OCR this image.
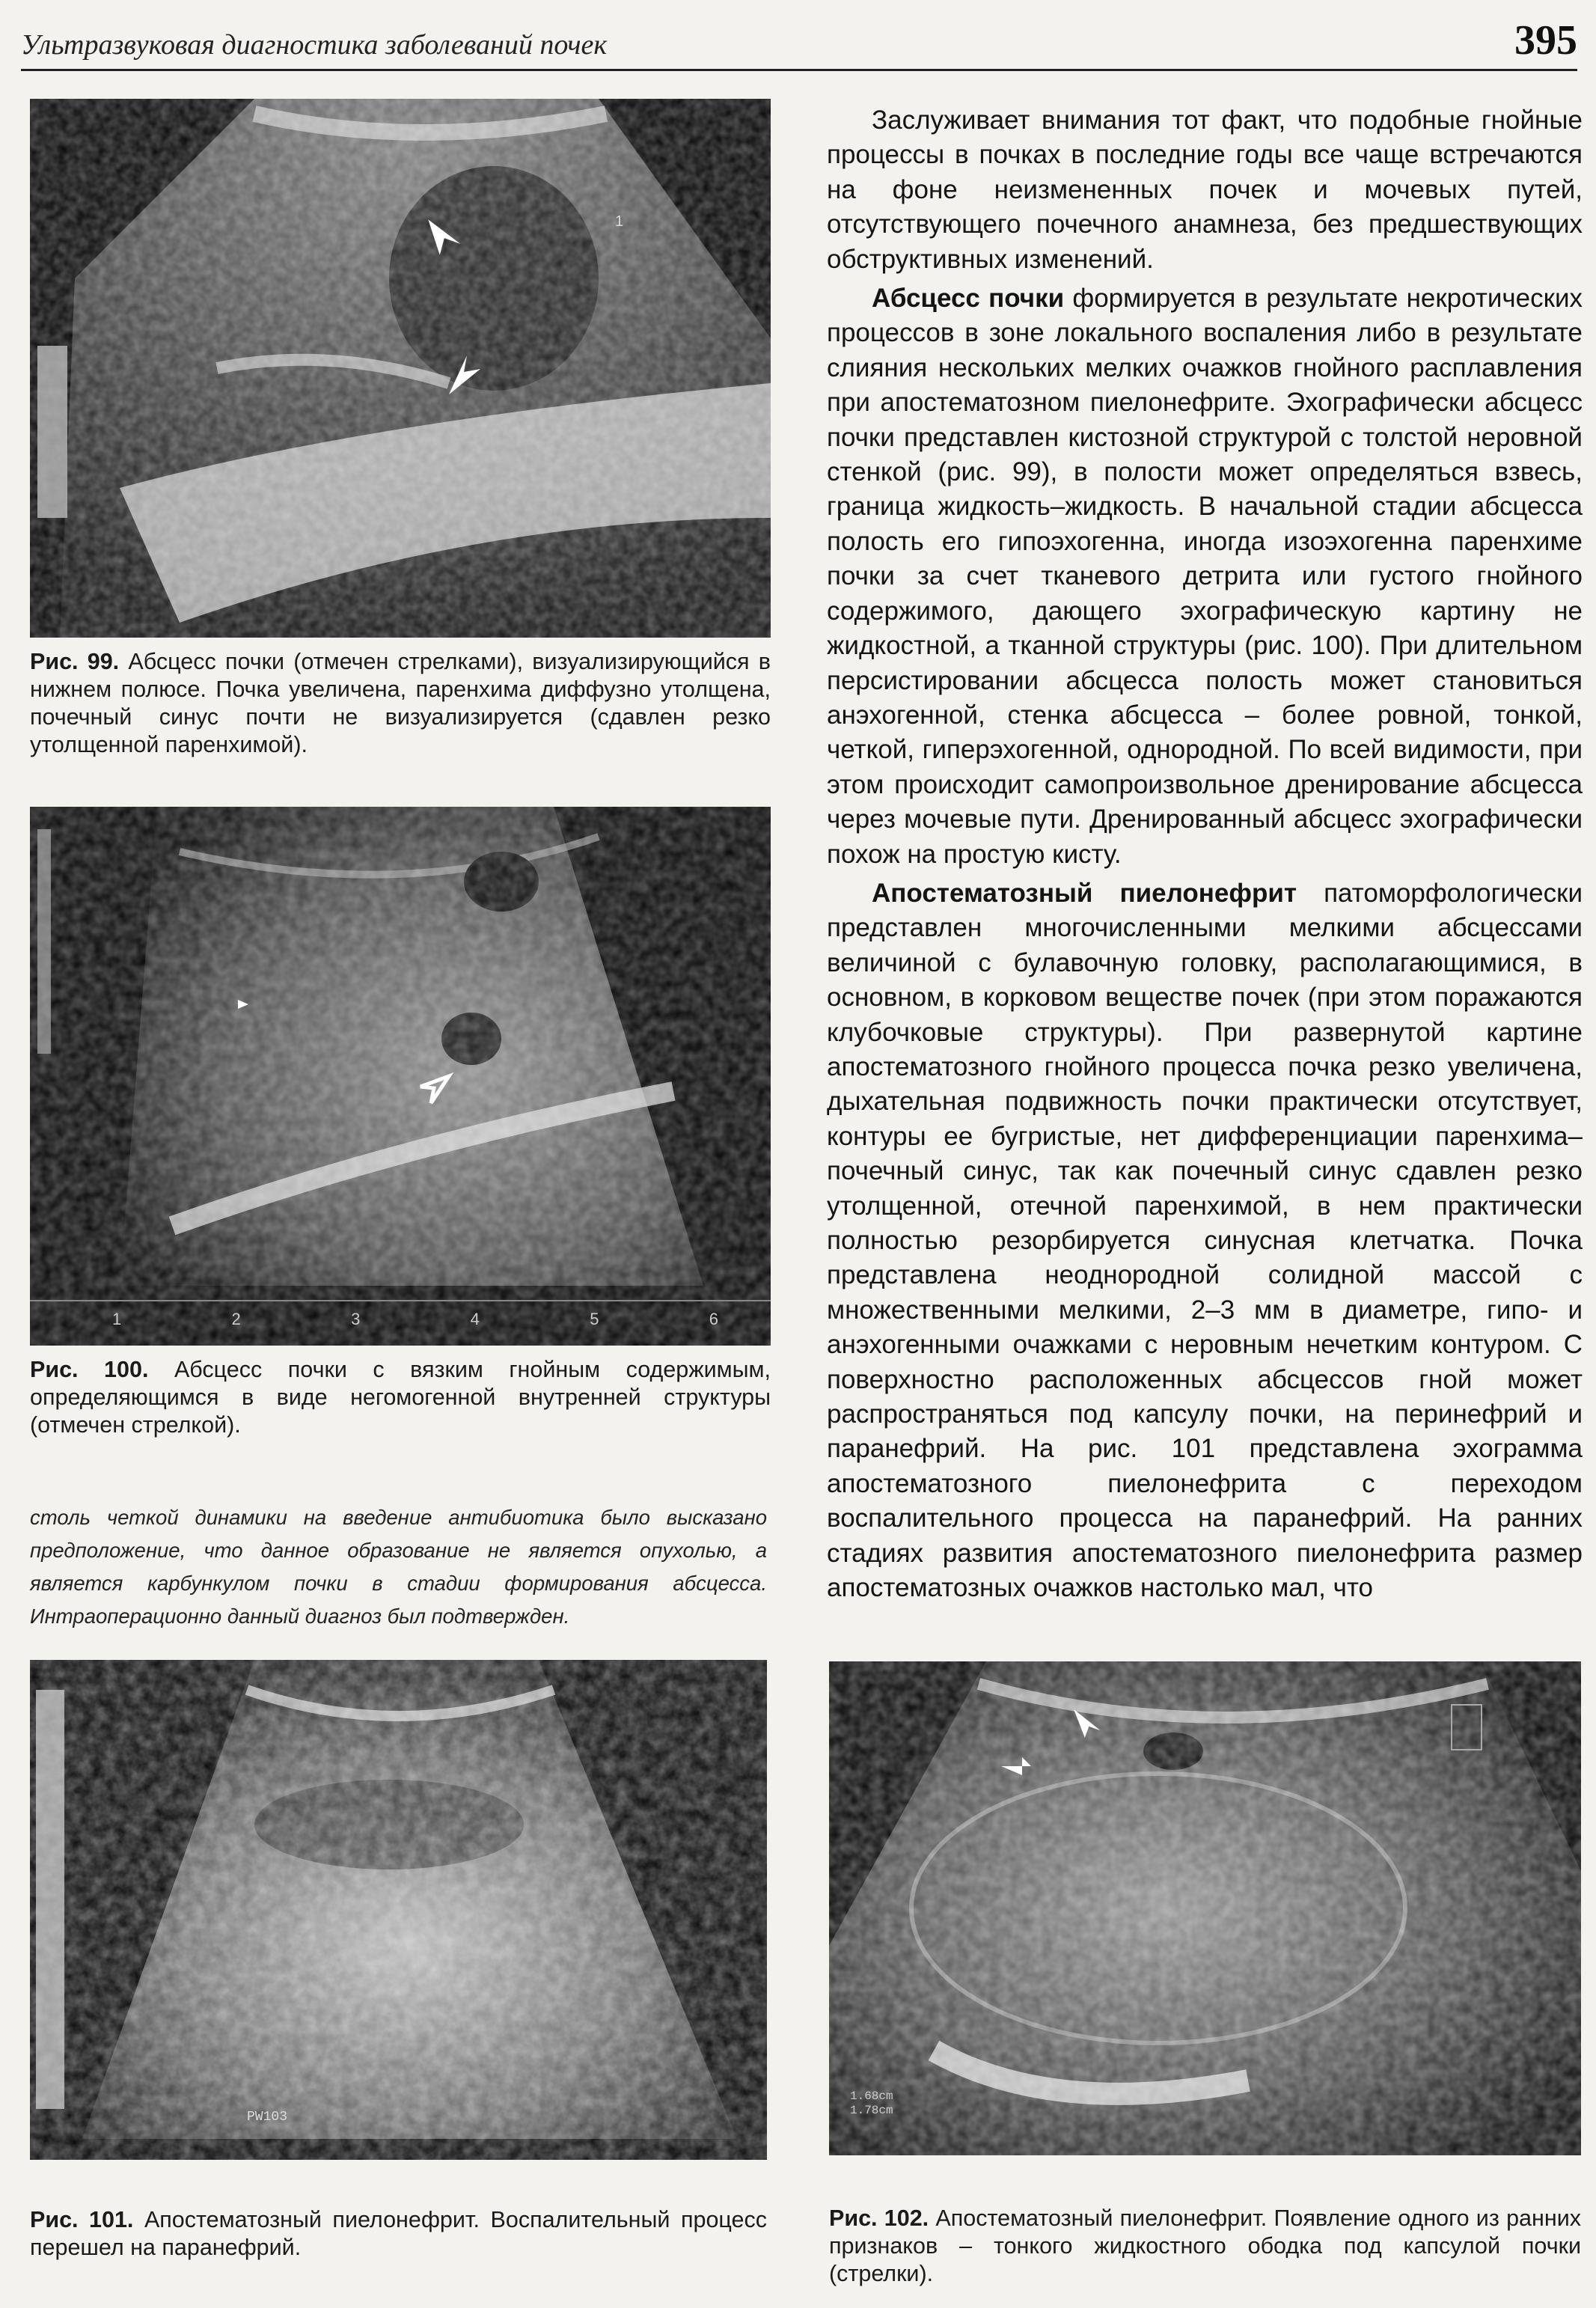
Ультразвуковая диагностика заболеваний почек	395
1
Рис. 99. Абсцесс почки (отмечен стрелками), визуализирующийся в нижнем полюсе. Почка увеличена, паренхима диффузно утолщена, почечный синус почти не визуализируется (сдавлен резко утолщенной паренхимой).
1	2	3	4	5	6
Рис. 100. Абсцесс почки с вязким гнойным содержимым, определяющимся в виде негомогенной внутренней структуры (отмечен стрелкой).
столь четкой динамики на введение антибиотика было высказано предположение, что данное образование не является опухолью, а является карбункулом почки в стадии формирования абсцесса. Интраоперационно данный диагноз был подтвержден.
PW103
Рис. 101. Апостематозный пиелонефрит. Воспалительный процесс перешел на паранефрий.

Заслуживает внимания тот факт, что подобные гнойные процессы в почках в последние годы все чаще встречаются на фоне неизмененных почек и мочевых путей, отсутствующего почечного анамнеза, без предшествующих обструктивных изменений.

Абсцесс почки формируется в результате некротических процессов в зоне локального воспаления либо в результате слияния нескольких мелких очажков гнойного расплавления при апостематозном пиелонефрите. Эхографически абсцесс почки представлен кистозной структурой с толстой неровной стенкой (рис. 99), в полости может определяться взвесь, граница жидкость–жидкость. В начальной стадии абсцесса полость его гипоэхогенна, иногда изоэхогенна паренхиме почки за счет тканевого детрита или густого гнойного содержимого, дающего эхографическую картину не жидкостной, а тканной структуры (рис. 100). При длительном персистировании абсцесса полость может становиться анэхогенной, стенка абсцесса – более ровной, тонкой, четкой, гиперэхогенной, однородной. По всей видимости, при этом происходит самопроизвольное дренирование абсцесса через мочевые пути. Дренированный абсцесс эхографически похож на простую кисту.

Апостематозный пиелонефрит патоморфологически представлен многочисленными мелкими абсцессами величиной с булавочную головку, располагающимися, в основном, в корковом веществе почек (при этом поражаются клубочковые структуры). При развернутой картине апостематозного гнойного процесса почка резко увеличена, дыхательная подвижность почки практически отсутствует, контуры ее бугристые, нет дифференциации паренхима–почечный синус, так как почечный синус сдавлен резко утолщенной, отечной паренхимой, в нем практически полностью резорбируется синусная клетчатка. Почка представлена неоднородной солидной массой с множественными мелкими, 2–3 мм в диаметре, гипо- и анэхогенными очажками с неровным нечетким контуром. С поверхностно расположенных абсцессов гной может распространяться под капсулу почки, на перинефрий и паранефрий. На рис. 101 представлена эхограмма апостематозного пиелонефрита с переходом воспалительного процесса на паранефрий. На ранних стадиях развития апостематозного пиелонефрита размер апостематозных очажков настолько мал, что

1.68cm
1.78cm
Рис. 102. Апостематозный пиелонефрит. Появление одного из ранних признаков – тонкого жидкостного ободка под капсулой почки (стрелки).
